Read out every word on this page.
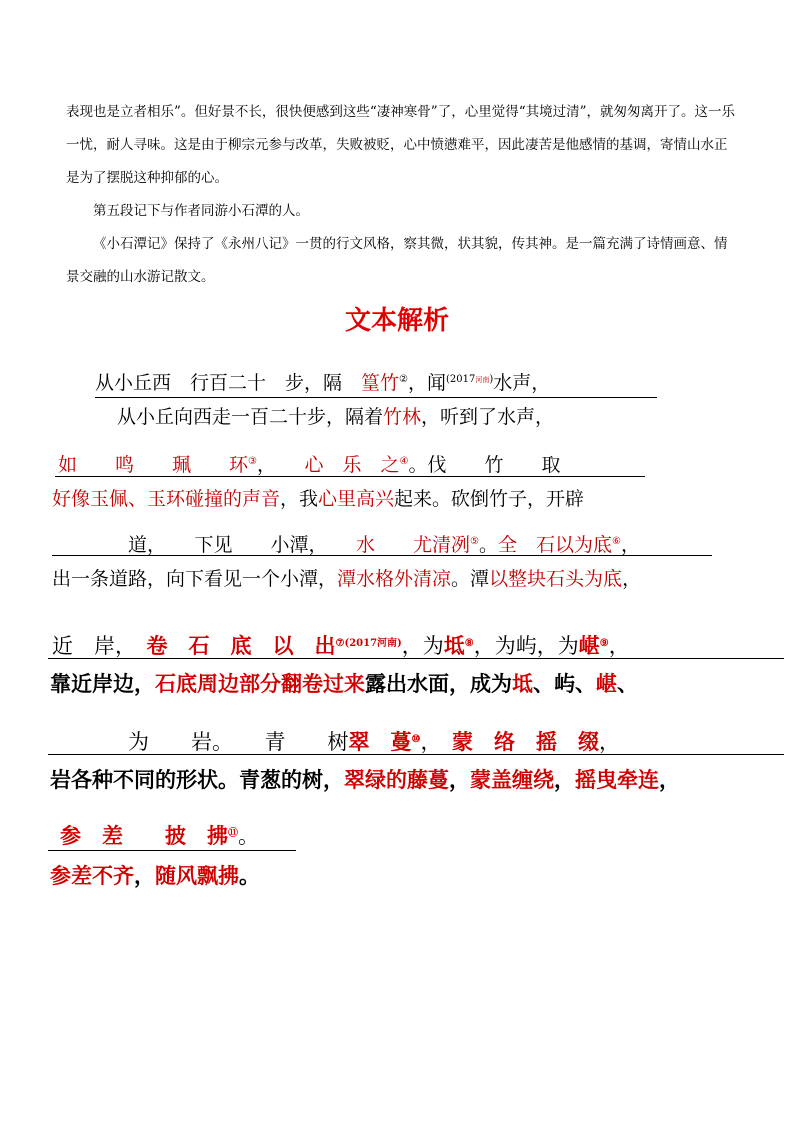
表现也是立者相乐”。但好景不长，很快便感到这些“凄神寒骨”了，心里觉得“其境过清”，就匆匆离开了。这一乐一忧，耐人寻味。这是由于柳宗元参与改革，失败被贬，心中愤懑难平，因此凄苦是他感情的基调，寄情山水正是为了摆脱这种抑郁的心。

第五段记下与作者同游小石潭的人。

《小石潭记》保持了《永州八记》一贯的行文风格，察其微，状其貌，传其神。是一篇充满了诗情画意、情景交融的山水游记散文。

文本解析
从小丘西　行百二十　步，隔　篁竹②，闻$^{(2017河南)}$水声，
从小丘向西走一百二十步，隔着竹林，听到了水声，
如　　鸣　　珮　　环③，　　心　乐　之④。伐　　竹　　取
好像玉佩、玉环碰撞的声音，我心里高兴起来。砍倒竹子，开辟
道，　　下见　　小潭，　　水　　尤清冽⑤。全　石以为底⑥，
出一条道路，向下看见一个小潭，潭水格外清凉。潭以整块石头为底，
近　岸，　卷　石　底　以　出$^{⑦(2017河南)}$，为坻⑧，为屿，为嵁⑨，
靠近岸边，石底周边部分翻卷过来露出水面，成为坻、屿、嵁、
为　　岩。　　青　　树翠　蔓⑩，　蒙　络　摇　缀，
岩各种不同的形状。青葱的树，翠绿的藤蔓，蒙盖缠绕，摇曳牵连，
参　差　　披　拂⑪。
参差不齐，随风飘拂。
